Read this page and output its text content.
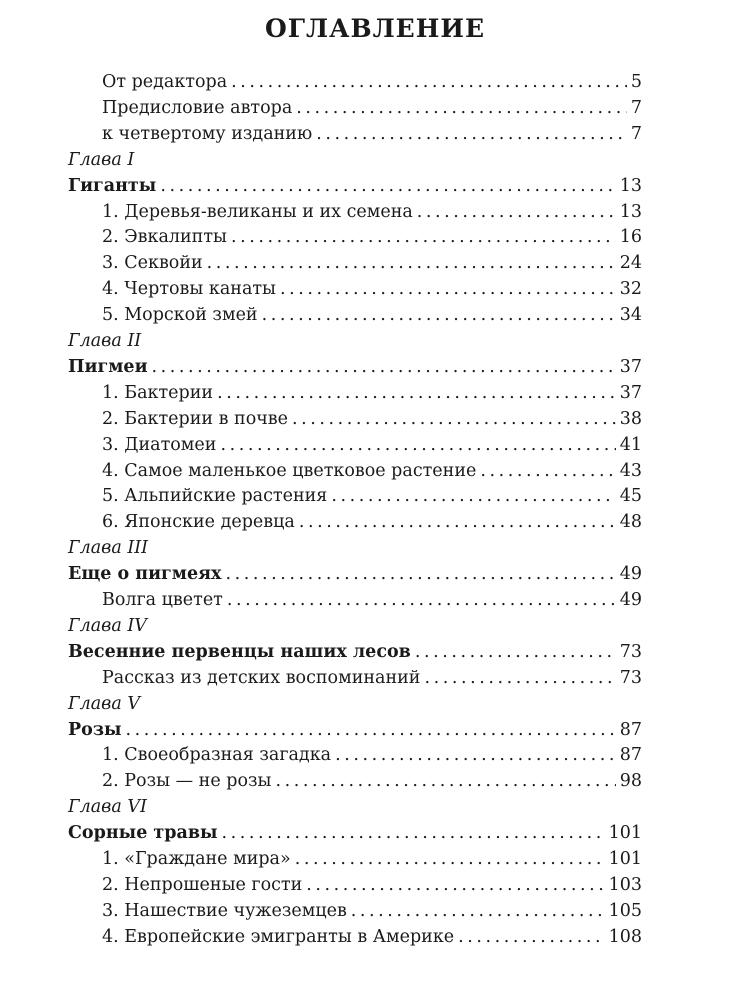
ОГЛАВЛЕНИЕ
От редактора . . .	5
Предисловие автора . . .	7
к четвертому изданию . . .	7
Глава I
Гиганты . . .	13
1. Деревья-великаны и их семена . . .	13
2. Эвкалипты . . .	16
3. Секвойи . . .	24
4. Чертовы канаты . . .	32
5. Морской змей . . .	34
Глава II
Пигмеи . . .	37
1. Бактерии . . .	37
2. Бактерии в почве . . .	38
3. Диатомеи . . .	41
4. Самое маленькое цветковое растение . . .	43
5. Альпийские растения . . .	45
6. Японские деревца . . .	48
Глава III
Еще о пигмеях . . .	49
Волга цветет . . .	49
Глава IV
Весенние первенцы наших лесов . . .	73
Рассказ из детских воспоминаний . . .	73
Глава V
Розы . . .	87
1. Своеобразная загадка . . .	87
2. Розы — не розы . . .	98
Глава VI
Сорные травы . . .	101
1. «Граждане мира» . . .	101
2. Непрошеные гости . . .	103
3. Нашествие чужеземцев . . .	105
4. Европейские эмигранты в Америке . . .	108
